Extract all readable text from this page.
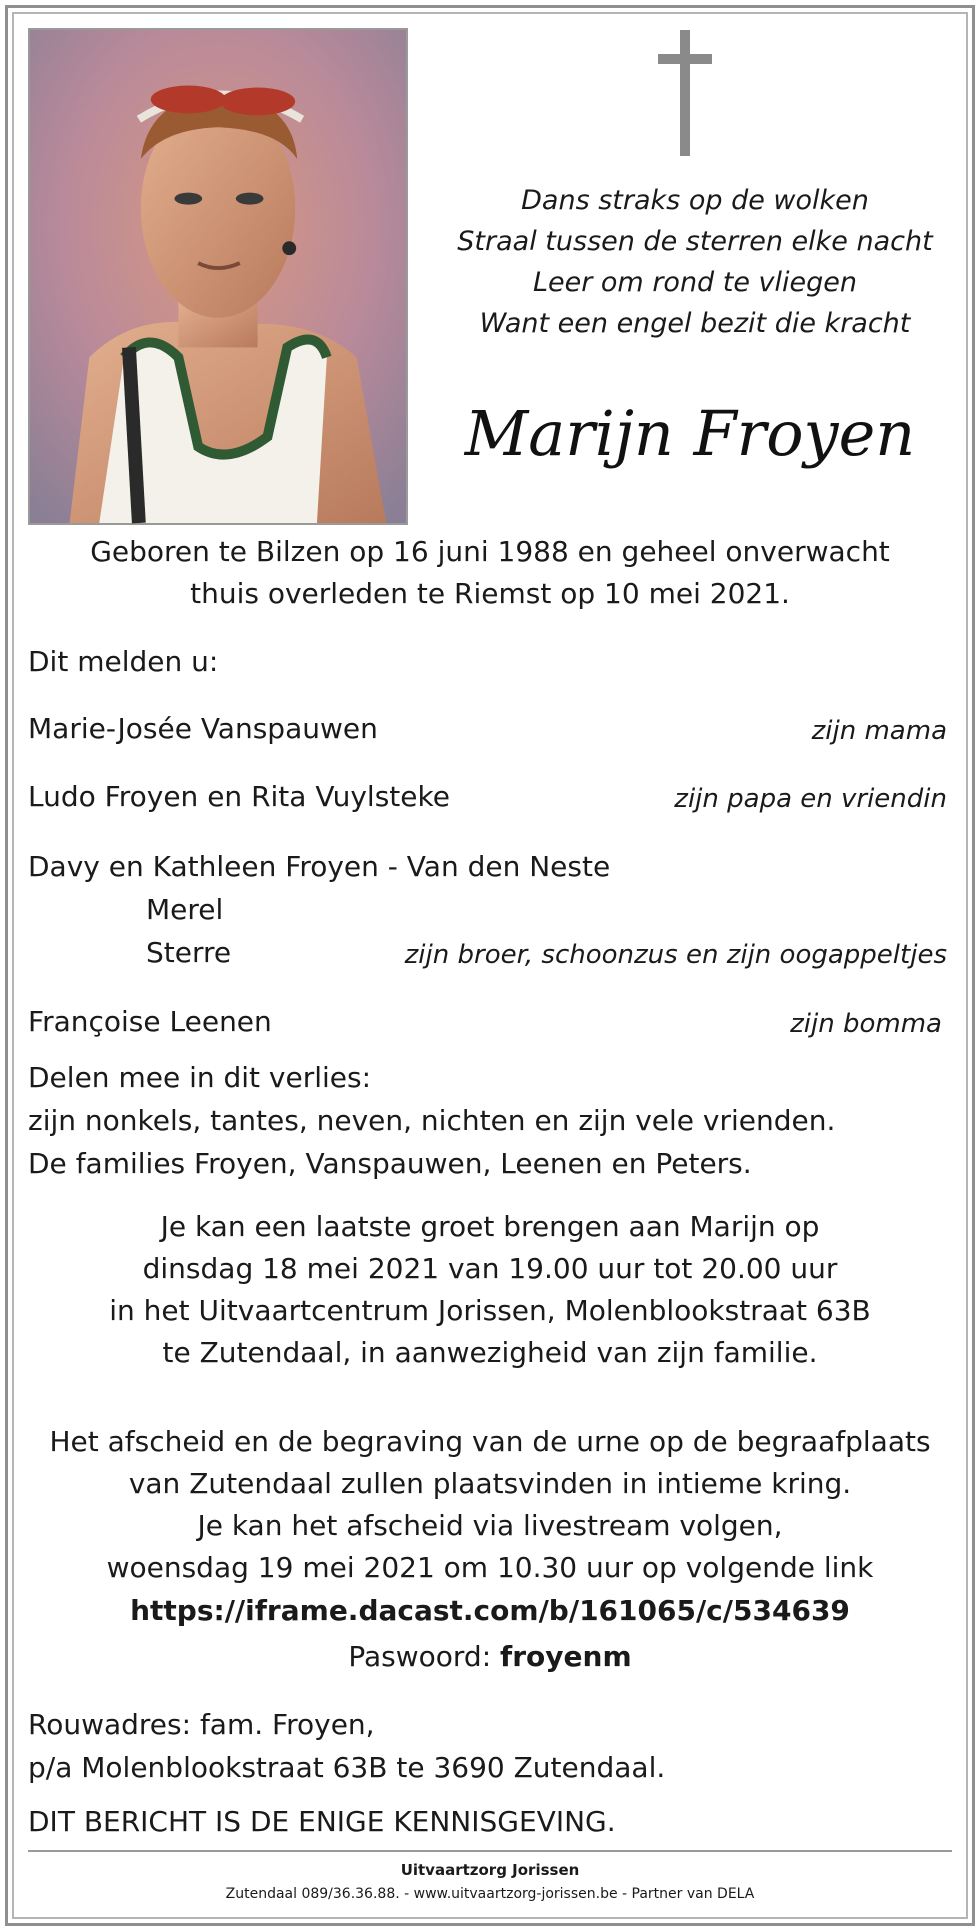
Dans straks op de wolken
Straal tussen de sterren elke nacht
Leer om rond te vliegen
Want een engel bezit die kracht
Marijn Froyen
Geboren te Bilzen op 16 juni 1988 en geheel onverwacht
thuis overleden te Riemst op 10 mei 2021.
Dit melden u:
Marie-Josée Vanspauwen	zijn mama
Ludo Froyen en Rita Vuylsteke	zijn papa en vriendin
Davy en Kathleen Froyen - Van den Neste
Merel
Sterre	zijn broer, schoonzus en zijn oogappeltjes
Françoise Leenen	zijn bomma
Delen mee in dit verlies:
zijn nonkels, tantes, neven, nichten en zijn vele vrienden.
De families Froyen, Vanspauwen, Leenen en Peters.
Je kan een laatste groet brengen aan Marijn op
dinsdag 18 mei 2021 van 19.00 uur tot 20.00 uur
in het Uitvaartcentrum Jorissen, Molenblookstraat 63B
te Zutendaal, in aanwezigheid van zijn familie.
Het afscheid en de begraving van de urne op de begraafplaats
van Zutendaal zullen plaatsvinden in intieme kring.
Je kan het afscheid via livestream volgen,
woensdag 19 mei 2021 om 10.30 uur op volgende link
https://iframe.dacast.com/b/161065/c/534639
Paswoord: froyenm
Rouwadres: fam. Froyen,
p/a Molenblookstraat 63B te 3690 Zutendaal.
DIT BERICHT IS DE ENIGE KENNISGEVING.
Uitvaartzorg Jorissen
Zutendaal 089/36.36.88. - www.uitvaartzorg-jorissen.be - Partner van DELA
